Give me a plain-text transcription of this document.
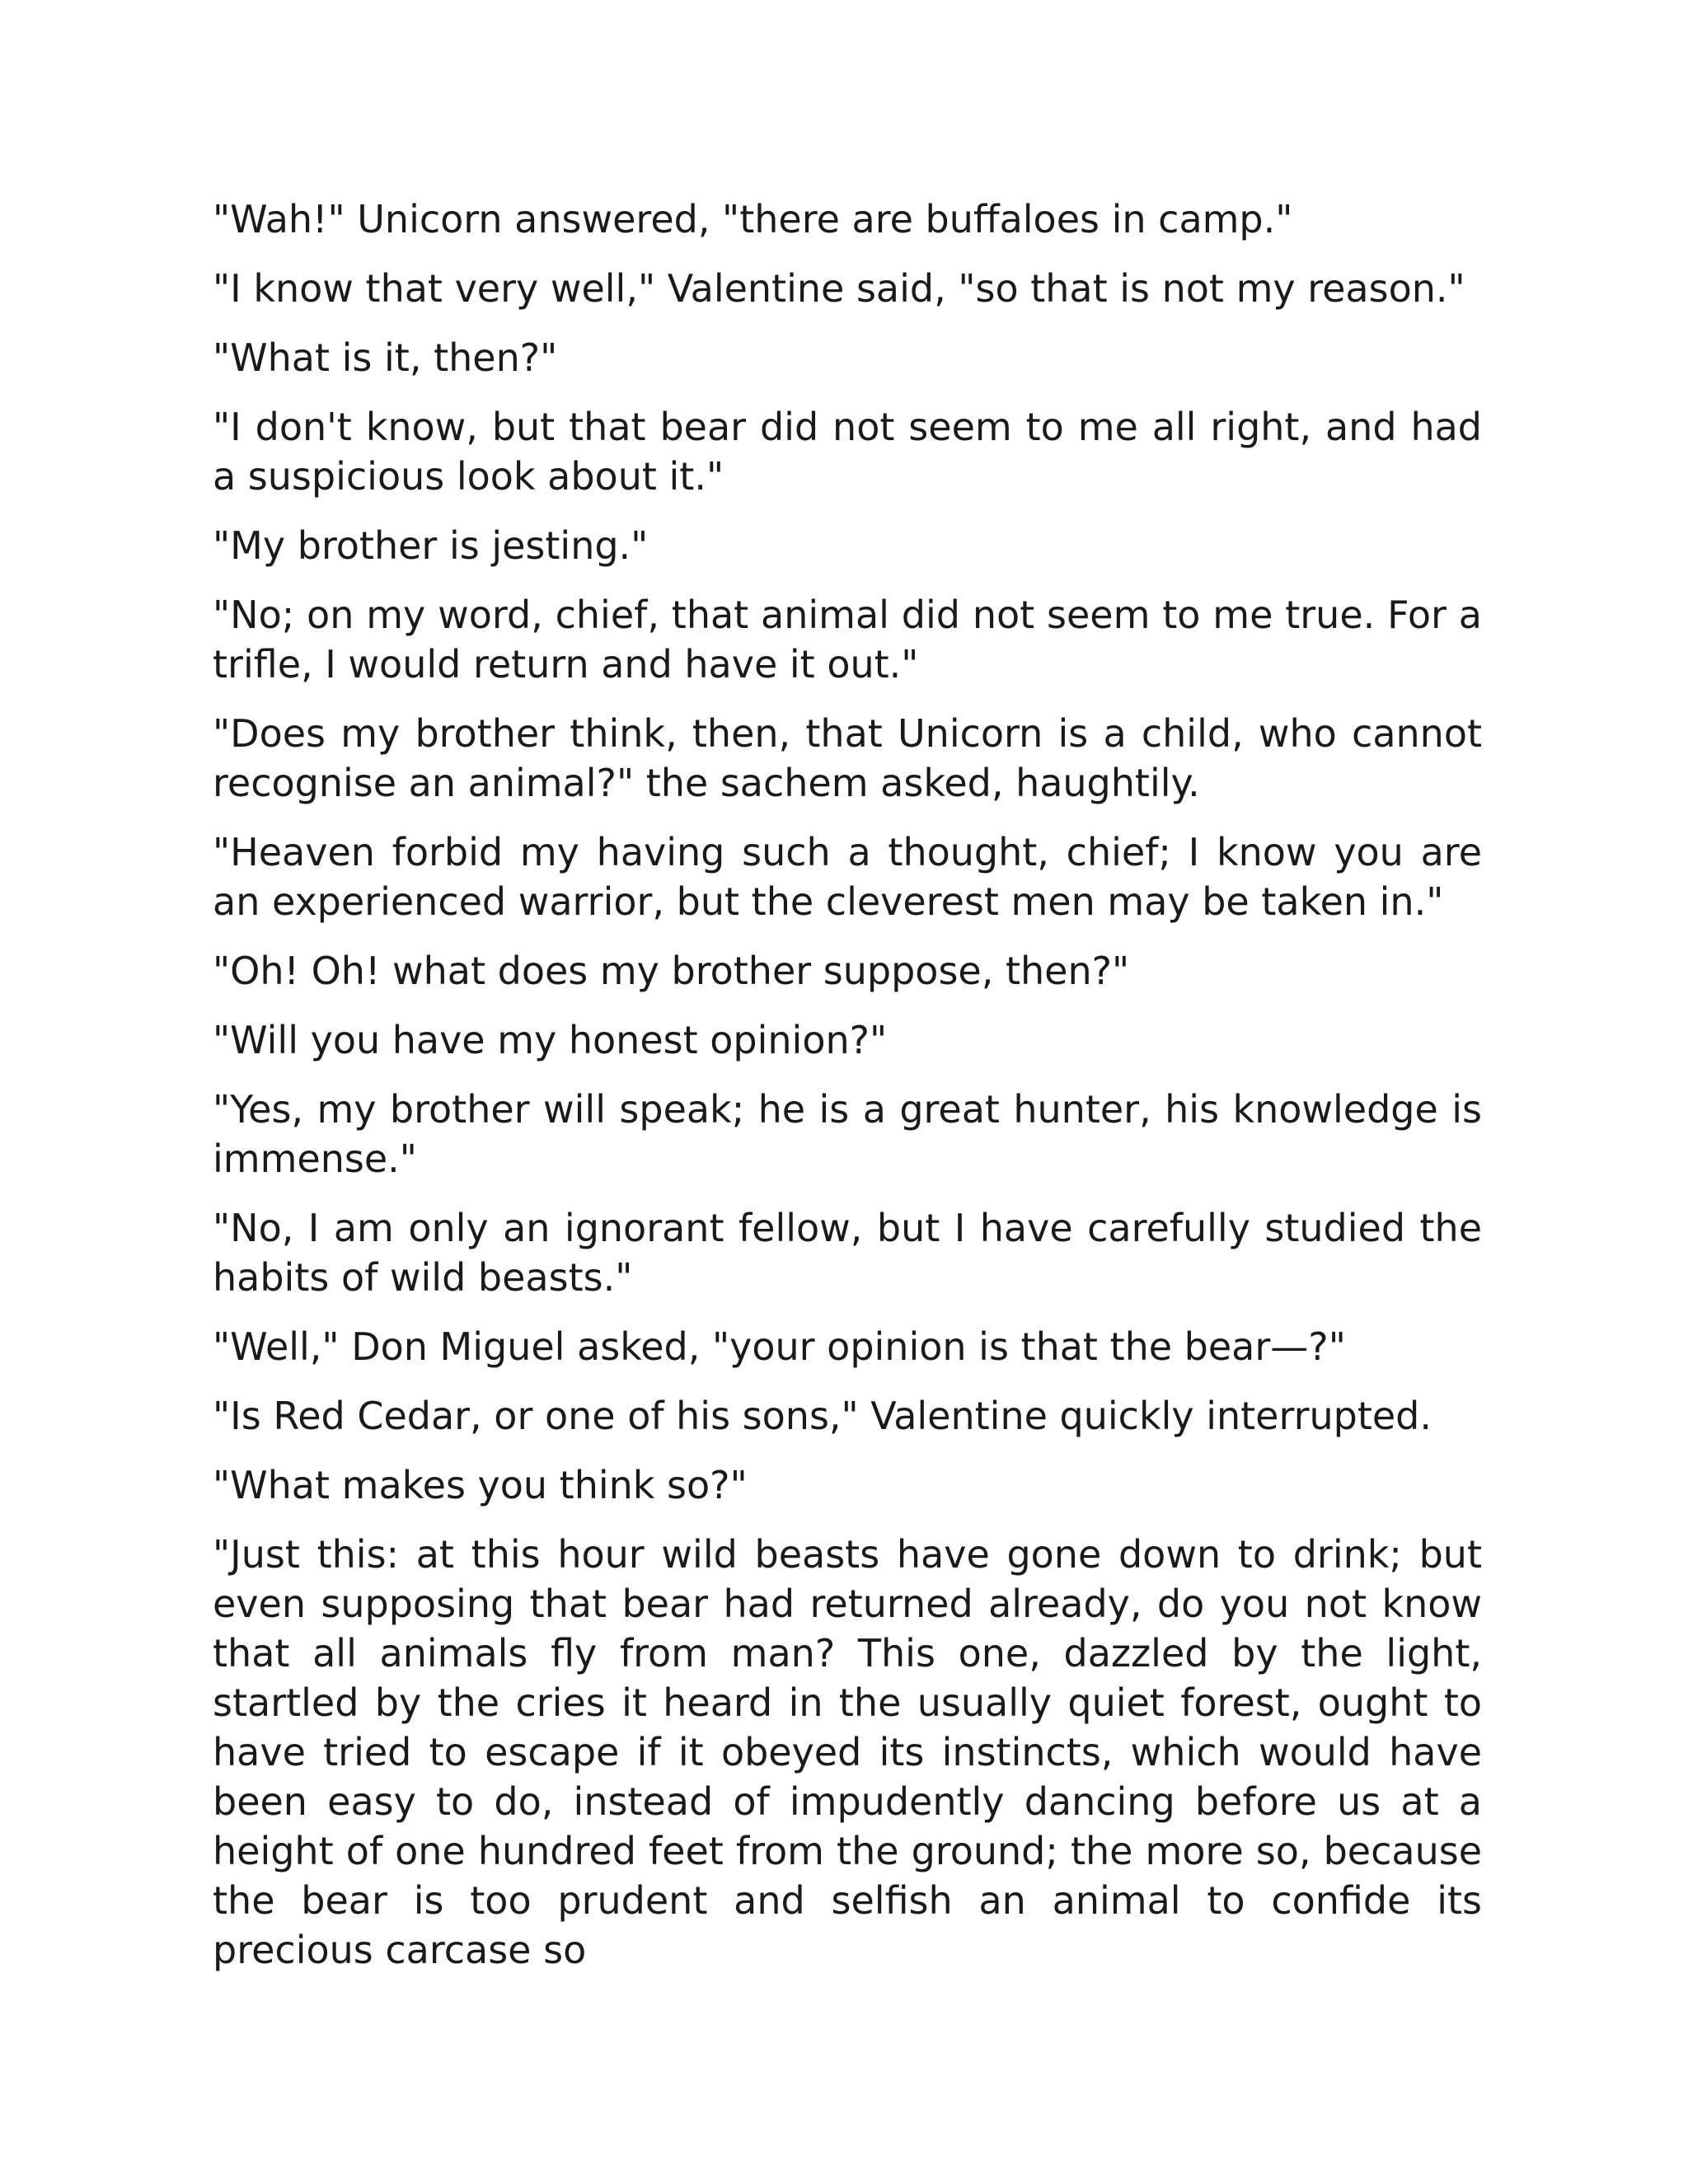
"Wah!" Unicorn answered, "there are buffaloes in camp."

"I know that very well," Valentine said, "so that is not my reason."

"What is it, then?"

"I don't know, but that bear did not seem to me all right, and had a suspicious look about it."

"My brother is jesting."

"No; on my word, chief, that animal did not seem to me true. For a trifle, I would return and have it out."

"Does my brother think, then, that Unicorn is a child, who cannot recognise an animal?" the sachem asked, haughtily.

"Heaven forbid my having such a thought, chief; I know you are an experienced warrior, but the cleverest men may be taken in."

"Oh! Oh! what does my brother suppose, then?"

"Will you have my honest opinion?"

"Yes, my brother will speak; he is a great hunter, his knowledge is immense."

"No, I am only an ignorant fellow, but I have carefully studied the habits of wild beasts."

"Well," Don Miguel asked, "your opinion is that the bear—?"

"Is Red Cedar, or one of his sons," Valentine quickly interrupted.

"What makes you think so?"

"Just this: at this hour wild beasts have gone down to drink; but even supposing that bear had returned already, do you not know that all animals fly from man? This one, dazzled by the light, startled by the cries it heard in the usually quiet forest, ought to have tried to escape if it obeyed its instincts, which would have been easy to do, instead of impudently dancing before us at a height of one hundred feet from the ground; the more so, because the bear is too prudent and selfish an animal to confide its precious carcase so
